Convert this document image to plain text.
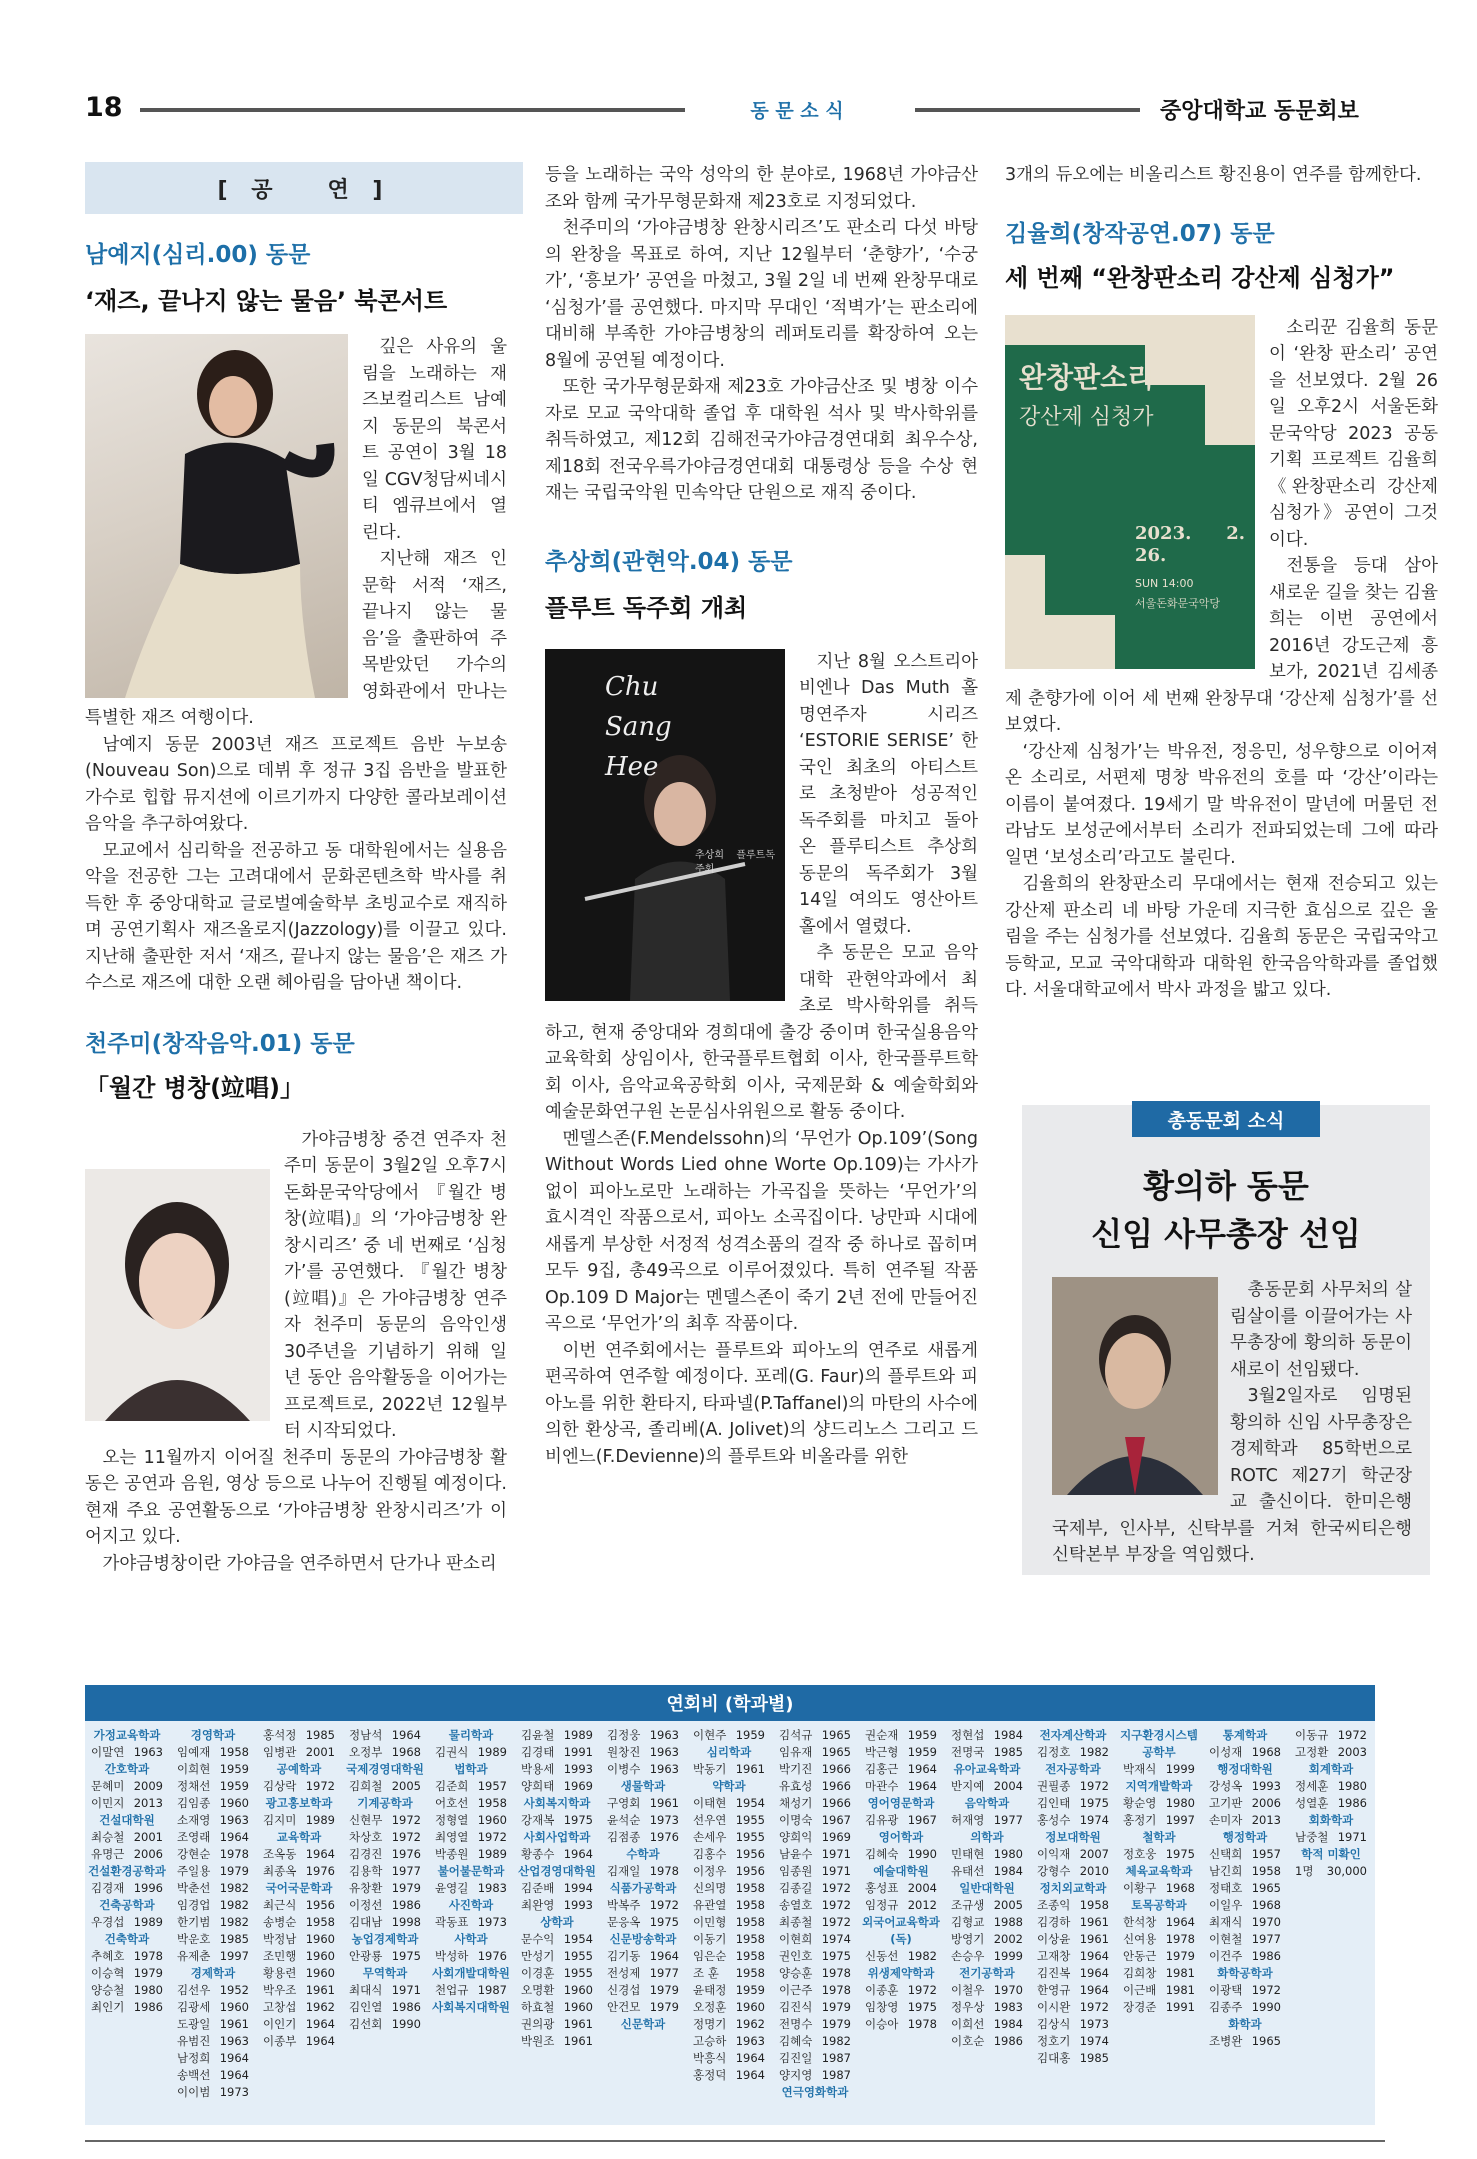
18	동 문 소 식	중앙대학교 동문회보
[ 공   연 ]
남예지(심리.00) 동문
‘재즈, 끝나지 않는 물음’ 북콘서트

깊은 사유의 울림을 노래하는 재즈보컬리스트 남예지 동문의 북콘서트 공연이 3월 18일 CGV청담씨네시티 엠큐브에서 열린다.

지난해 재즈 인문학 서적 ‘재즈, 끝나지 않는 물음’을 출판하여 주목받았던 가수의 영화관에서 만나는 특별한 재즈 여행이다.

남예지 동문 2003년 재즈 프로젝트 음반 누보송(Nouveau Son)으로 데뷔 후 정규 3집 음반을 발표한 가수로 힙합 뮤지션에 이르기까지 다양한 콜라보레이션 음악을 추구하여왔다.

모교에서 심리학을 전공하고 동 대학원에서는 실용음악을 전공한 그는 고려대에서 문화콘텐츠학 박사를 취득한 후 중앙대학교 글로벌예술학부 초빙교수로 재직하며 공연기획사 재즈올로지(Jazzology)를 이끌고 있다. 지난해 출판한 저서 ‘재즈, 끝나지 않는 물음’은 재즈 가수스로 재즈에 대한 오랜 헤아림을 담아낸 책이다.

천주미(창작음악.01) 동문
「월간 병창(竝唱)」

가야금병창 중견 연주자 천주미 동문이 3월2일 오후7시 돈화문국악당에서 『월간 병창(竝唱)』의 ‘가야금병창 완창시리즈’ 중 네 번째로 ‘심청가’를 공연했다. 『월간 병창(竝唱)』은 가야금병창 연주자 천주미 동문의 음악인생 30주년을 기념하기 위해 일 년 동안 음악활동을 이어가는 프로젝트로, 2022년 12월부터 시작되었다.

오는 11월까지 이어질 천주미 동문의 가야금병창 활동은 공연과 음원, 영상 등으로 나누어 진행될 예정이다. 현재 주요 공연활동으로 ‘가야금병창 완창시리즈’가 이어지고 있다.

가야금병창이란 가야금을 연주하면서 단가나 판소리

등을 노래하는 국악 성악의 한 분야로, 1968년 가야금산조와 함께 국가무형문화재 제23호로 지정되었다.

천주미의 ‘가야금병창 완창시리즈’도 판소리 다섯 바탕의 완창을 목표로 하여, 지난 12월부터 ‘춘향가’, ‘수궁가’, ‘흥보가’ 공연을 마쳤고, 3월 2일 네 번째 완창무대로 ‘심청가’를 공연했다. 마지막 무대인 ‘적벽가’는 판소리에 대비해 부족한 가야금병창의 레퍼토리를 확장하여 오는 8월에 공연될 예정이다.

또한 국가무형문화재 제23호 가야금산조 및 병창 이수자로 모교 국악대학 졸업 후 대학원 석사 및 박사학위를 취득하였고, 제12회 김해전국가야금경연대회 최우수상, 제18회 전국우륵가야금경연대회 대통령상 등을 수상 현재는 국립국악원 민속악단 단원으로 재직 중이다.

추상희(관현악.04) 동문
플루트 독주회 개최
Chu Sang Hee
추상희 플루트독주회

지난 8월 오스트리아 비엔나 Das Muth 홀 명연주자 시리즈 ‘ESTORIE SERISE’ 한국인 최초의 아티스트로 초청받아 성공적인 독주회를 마치고 돌아온 플루티스트 추상희 동문의 독주회가 3월 14일 여의도 영산아트홀에서 열렸다.

추 동문은 모교 음악대학 관현악과에서 최초로 박사학위를 취득하고, 현재 중앙대와 경희대에 출강 중이며 한국실용음악교육학회 상임이사, 한국플루트협회 이사, 한국플루트학회 이사, 음악교육공학회 이사, 국제문화 & 예술학회와 예술문화연구원 논문심사위원으로 활동 중이다.

멘델스존(F.Mendelssohn)의 ‘무언가 Op.109’(Song Without Words Lied ohne Worte Op.109)는 가사가 없이 피아노로만 노래하는 가곡집을 뜻하는 ‘무언가’의 효시격인 작품으로서, 피아노 소곡집이다. 낭만파 시대에 새롭게 부상한 서정적 성격소품의 걸작 중 하나로 꼽히며 모두 9집, 총49곡으로 이루어졌있다. 특히 연주될 작품 Op.109 D Major는 멘델스존이 죽기 2년 전에 만들어진 곡으로 ‘무언가’의 최후 작품이다.

이번 연주회에서는 플루트와 피아노의 연주로 새롭게 편곡하여 연주할 예정이다. 포레(G. Faur)의 플루트와 피아노를 위한 환타지, 타파넬(P.Taffanel)의 마탄의 사수에 의한 환상곡, 졸리베(A. Jolivet)의 샹드리노스 그리고 드비엔느(F.Devienne)의 플루트와 비올라를 위한

3개의 듀오에는 비올리스트 황진용이 연주를 함께한다.

김율희(창작공연.07) 동문
세 번째 “완창판소리 강산제 심청가”
완창판소리
강산제 심청가
소리 김율희
2023. 2. 26.
SUN 14:00
서울돈화문국악당

소리꾼 김율희 동문이 ‘완창 판소리’ 공연을 선보였다. 2월 26일 오후2시 서울돈화문국악당 2023 공동기획 프로젝트 김율희 《완창판소리 강산제 심청가》공연이 그것이다.

전통을 등대 삼아 새로운 길을 찾는 김율희는 이번 공연에서 2016년 강도근제 흥보가, 2021년 김세종제 춘향가에 이어 세 번째 완창무대 ‘강산제 심청가’를 선보였다.

‘강산제 심청가’는 박유전, 정응민, 성우향으로 이어져 온 소리로, 서편제 명창 박유전의 호를 따 ‘강산’이라는 이름이 붙여졌다. 19세기 말 박유전이 말년에 머물던 전라남도 보성군에서부터 소리가 전파되었는데 그에 따라 일면 ‘보성소리’라고도 불린다.

김율희의 완창판소리 무대에서는 현재 전승되고 있는 강산제 판소리 네 바탕 가운데 지극한 효심으로 깊은 울림을 주는 심청가를 선보였다. 김율희 동문은 국립국악고등학교, 모교 국악대학과 대학원 한국음악학과를 졸업했다. 서울대학교에서 박사 과정을 밟고 있다.

총동문회 소식
황의하 동문
신임 사무총장 선임

총동문회 사무처의 살림살이를 이끌어가는 사무총장에 황의하 동문이 새로이 선임됐다.

3월2일자로 임명된 황의하 신임 사무총장은 경제학과 85학번으로 ROTC 제27기 학군장교 출신이다. 한미은행 국제부, 인사부, 신탁부를 거쳐 한국씨티은행 신탁본부 부장을 역임했다.

연회비 (학과별)
가정교육학과
이말연 1963
간호학과
문혜미 2009
이민지 2013
건설대학원
최승철 2001
유명근 2006
건설환경공학과
김경재 1996
건축공학과
우경섭 1989
건축학과
추혜호 1978
이승혁 1979
양승철 1980
최인기 1986
경영학과
임예재 1958
이희현 1959
정채선 1959
김임종 1960
소재영 1963
조영래 1964
강현순 1978
주일용 1979
박춘선 1982
임경업 1982
한기범 1982
박운호 1985
유제춘 1997
경제학과
김선우 1952
김광세 1960
도광일 1961
유범진 1963
남정희 1964
송백선 1964
이이범 1973
홍석정 1985
임병관 2001
공예학과
김상락 1972
광고홍보학과
김지미 1989
교육학과
조옥동 1964
최종옥 1976
국어국문학과
최근식 1956
송병순 1958
박정남 1960
조민행 1960
황용련 1960
박우조 1961
고창섭 1962
이인기 1964
이종부 1964
정남석 1964
오정부 1968
국제경영대학원
김희철 2005
기계공학과
신현무 1972
차상호 1972
김경진 1976
김용학 1977
유창환 1979
이정선 1986
김대남 1998
농업경제학과
안광룡 1975
무역학과
최대식 1971
김인열 1986
김선회 1990
물리학과
김권식 1989
법학과
김준희 1957
어호선 1958
정형열 1960
최영열 1972
박종원 1989
불어불문학과
윤영길 1983
사진학과
곽동표 1973
사학과
박성하 1976
사회개발대학원
천업규 1987
사회복지대학원
김윤철 1989
김경태 1991
박용세 1993
양희태 1969
사회복지학과
강재복 1975
사회사업학과
황종수 1964
산업경영대학원
김준배 1994
최완영 1993
상학과
문수익 1954
만성기 1955
이경훈 1955
오명환 1960
하효철 1960
권의광 1961
박원조 1961
김정웅 1963
원창진 1963
이병수 1963
생물학과
구영회 1961
윤석순 1973
김점종 1976
수학과
김재일 1978
식품가공학과
박복주 1972
문응옥 1975
신문방송학과
김기동 1964
전성제 1977
신경섭 1979
안건모 1979
신문학과
이현주 1959
심리학과
박동기 1961
약학과
이태현 1954
선우연 1955
손세우 1955
김홍수 1956
이정우 1956
신의명 1958
유관열 1958
이민형 1958
이동기 1958
임은순 1958
조 훈 1958
윤태정 1959
오정훈 1960
정명기 1962
고승하 1963
박흥식 1964
홍정덕 1964
김석규 1965
임유재 1965
박기진 1966
유효성 1966
채성기 1966
이명숙 1967
양희익 1969
남윤수 1971
임종원 1971
김종길 1972
송열호 1972
최종철 1972
이현희 1974
권인호 1975
양승훈 1978
이근주 1978
김진식 1979
전명수 1979
김혜숙 1982
김진일 1987
양지영 1987
연극영화학과
권순재 1959
박근형 1959
김홍근 1964
마관수 1964
영어영문학과
김유광 1967
영어학과
김혜숙 1990
예술대학원
홍성표 2004
임정규 2012
외국어교육학과(독)
신동선 1982
위생제약학과
이종훈 1972
임창영 1975
이승아 1978
정현섭 1984
전명국 1985
유아교육학과
반지예 2004
음악학과
허재영 1977
의학과
민태현 1980
유태선 1984
일반대학원
조규생 2005
김형교 1988
방영기 2002
손승우 1999
전기공학과
이철우 1970
정우상 1983
이희선 1984
이호순 1986
전자계산학과
김정호 1982
전자공학과
권필종 1972
김인태 1975
홍성수 1974
정보대학원
이익재 2007
강형수 2010
정치외교학과
조종익 1958
김경하 1961
이상윤 1961
고재창 1964
김진복 1964
한영규 1964
이시완 1972
김상식 1973
정호기 1974
김대홍 1985
지구환경시스템공학부
박재식 1999
지역개발학과
황순영 1980
홍정기 1997
철학과
정호웅 1975
체육교육학과
이황구 1968
토목공학과
한석창 1964
신여용 1978
안동근 1979
김희창 1981
이근배 1981
장경준 1991
통계학과
이성재 1968
행정대학원
강성옥 1993
고기판 2006
손미자 2013
행정학과
신택희 1957
남긴희 1958
정태호 1965
이일우 1968
최재식 1970
이현철 1977
이건주 1986
화학공학과
이광택 1972
김종주 1990
화학과
조병완 1965
이동규 1972
고정환 2003
회계학과
정세훈 1980
성열훈 1986
회화학과
남중철 1971
학적 미확인
1명 30,000
